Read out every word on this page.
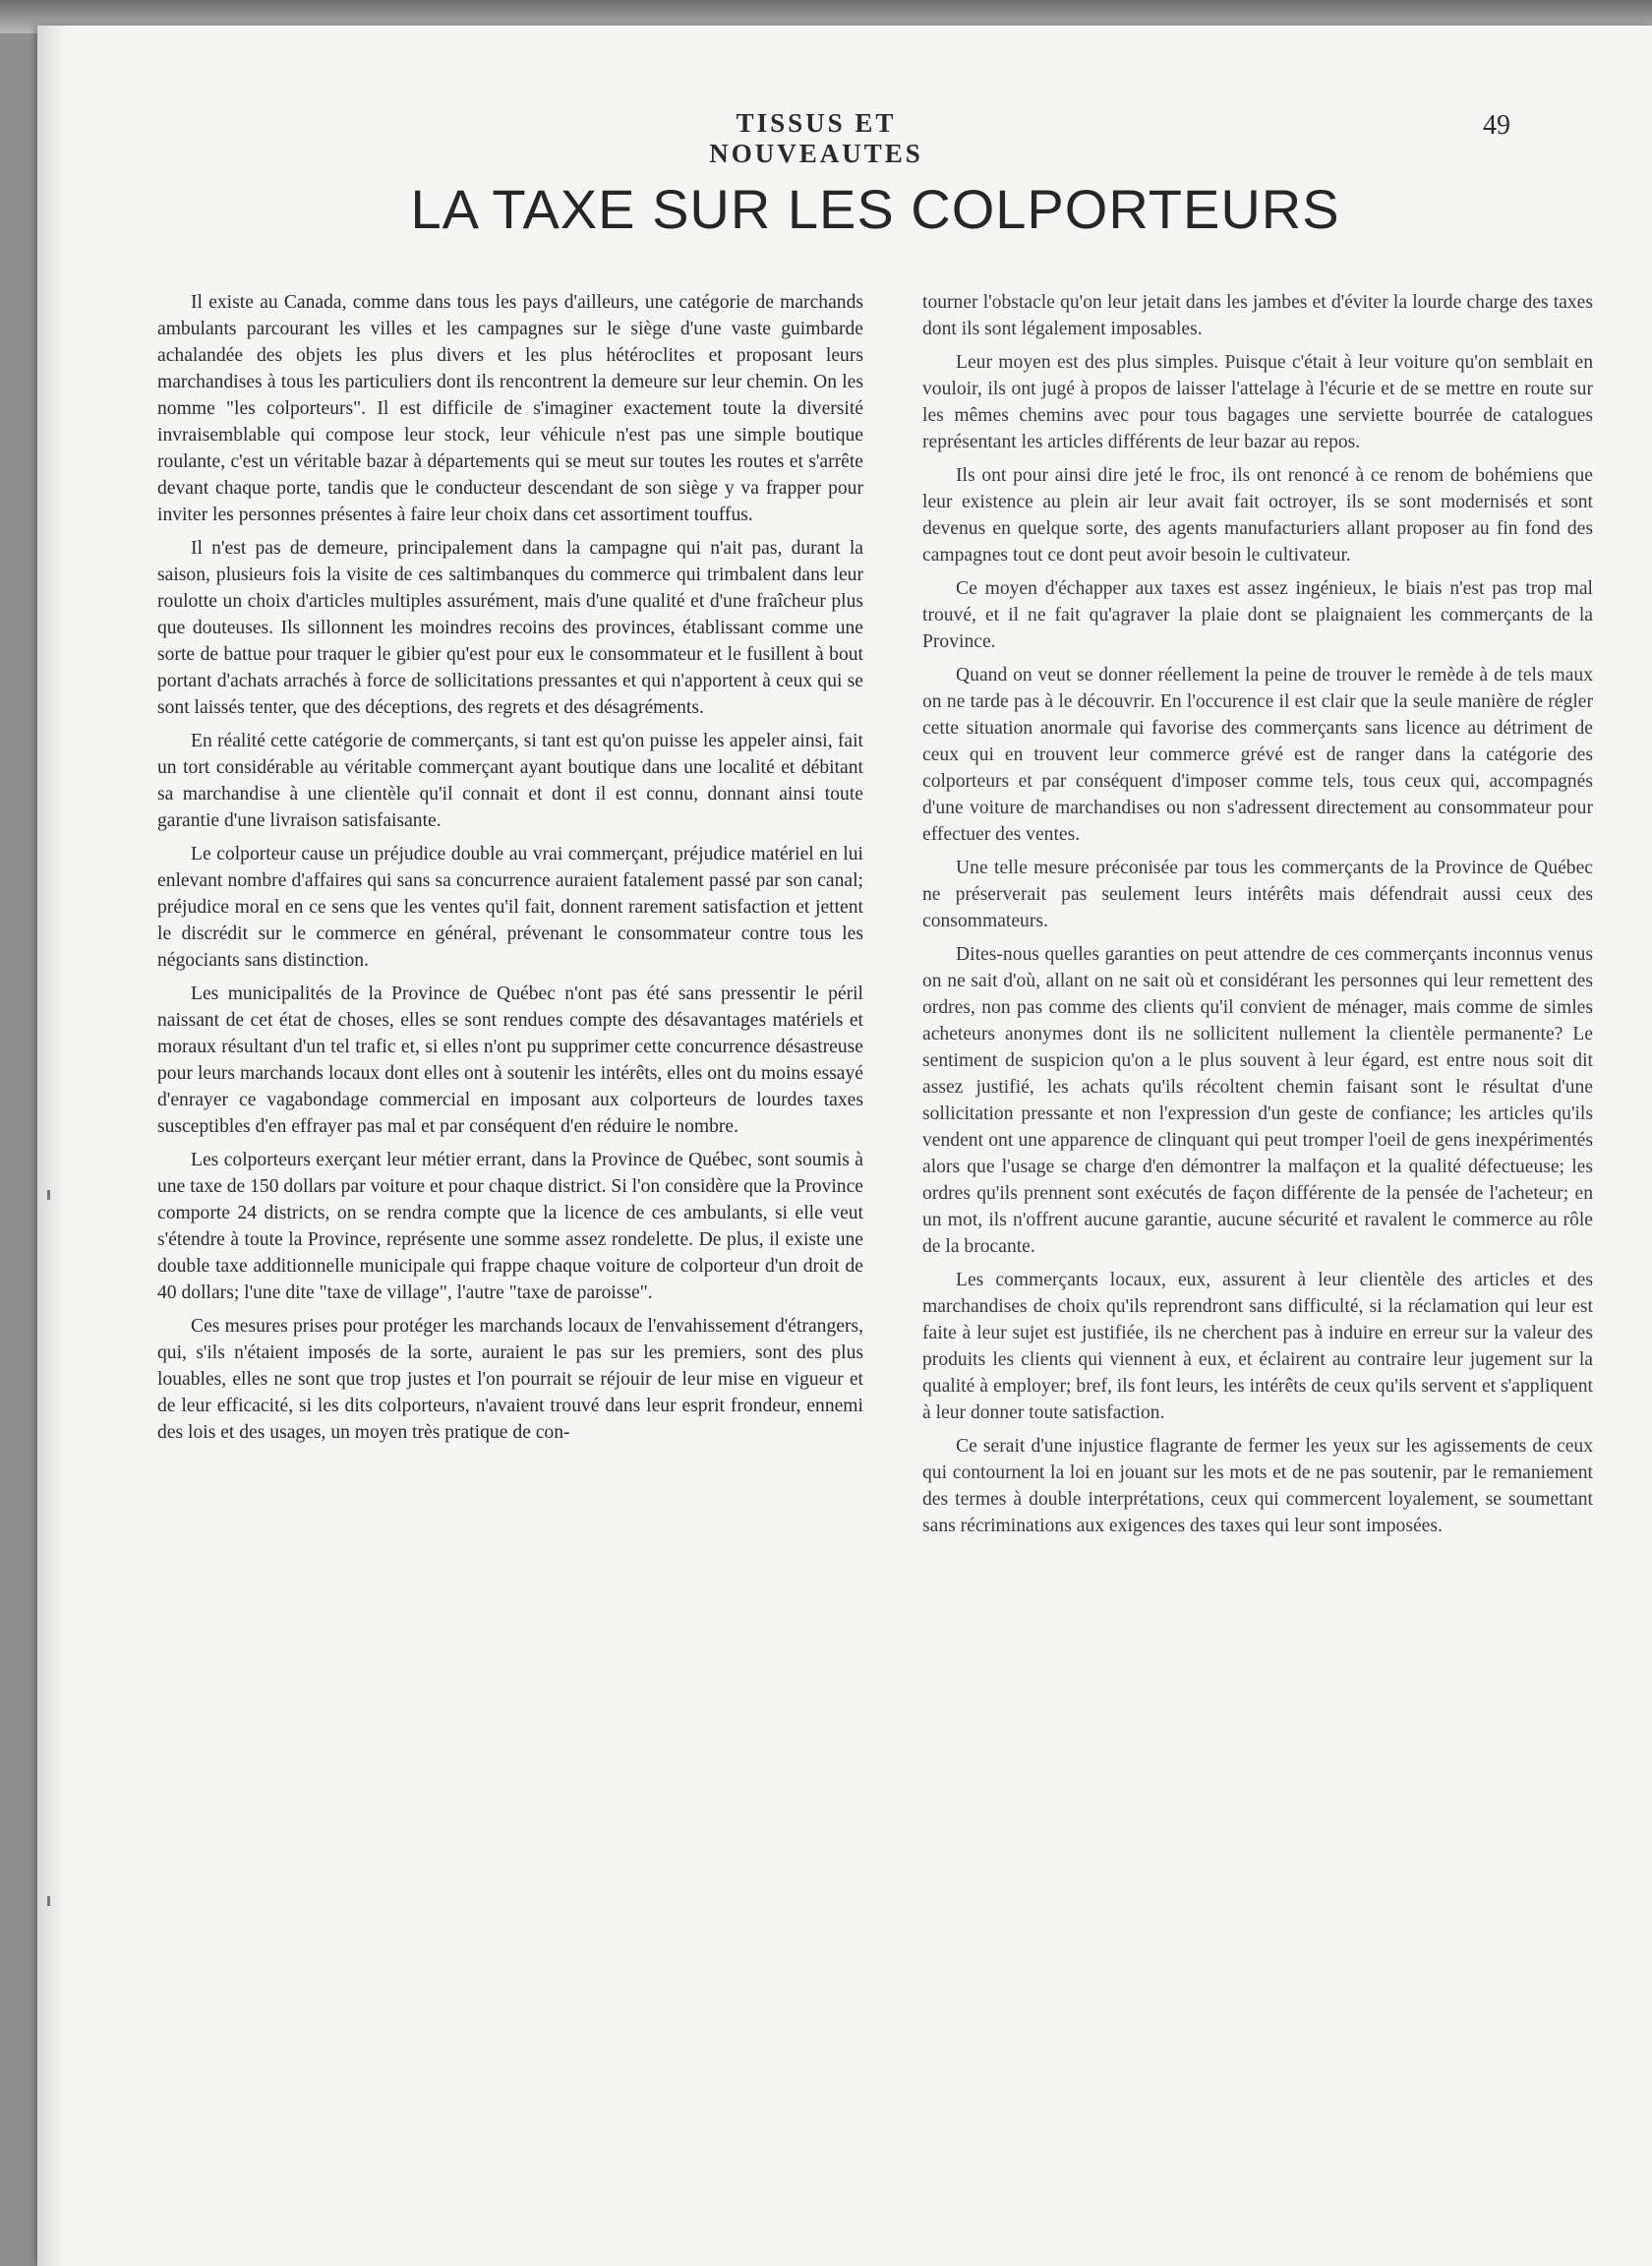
TISSUS ET NOUVEAUTES
49
LA TAXE SUR LES COLPORTEURS

Il existe au Canada, comme dans tous les pays d'ailleurs, une catégorie de marchands ambulants parcourant les villes et les campagnes sur le siège d'une vaste guimbarde achalandée des objets les plus divers et les plus hétéroclites et proposant leurs marchandises à tous les particuliers dont ils rencontrent la demeure sur leur chemin. On les nomme "les colporteurs". Il est difficile de s'imaginer exactement toute la diversité invraisemblable qui compose leur stock, leur véhicule n'est pas une simple boutique roulante, c'est un véritable bazar à départements qui se meut sur toutes les routes et s'arrête devant chaque porte, tandis que le conducteur descendant de son siège y va frapper pour inviter les personnes présentes à faire leur choix dans cet assortiment touffus.

Il n'est pas de demeure, principalement dans la campagne qui n'ait pas, durant la saison, plusieurs fois la visite de ces saltimbanques du commerce qui trimbalent dans leur roulotte un choix d'articles multiples assurément, mais d'une qualité et d'une fraîcheur plus que douteuses. Ils sillonnent les moindres recoins des provinces, établissant comme une sorte de battue pour traquer le gibier qu'est pour eux le consommateur et le fusillent à bout portant d'achats arrachés à force de sollicitations pressantes et qui n'apportent à ceux qui se sont laissés tenter, que des déceptions, des regrets et des désagréments.

En réalité cette catégorie de commerçants, si tant est qu'on puisse les appeler ainsi, fait un tort considérable au véritable commerçant ayant boutique dans une localité et débitant sa marchandise à une clientèle qu'il connait et dont il est connu, donnant ainsi toute garantie d'une livraison satisfaisante.

Le colporteur cause un préjudice double au vrai commerçant, préjudice matériel en lui enlevant nombre d'affaires qui sans sa concurrence auraient fatalement passé par son canal; préjudice moral en ce sens que les ventes qu'il fait, donnent rarement satisfaction et jettent le discrédit sur le commerce en général, prévenant le consommateur contre tous les négociants sans distinction.

Les municipalités de la Province de Québec n'ont pas été sans pressentir le péril naissant de cet état de choses, elles se sont rendues compte des désavantages matériels et moraux résultant d'un tel trafic et, si elles n'ont pu supprimer cette concurrence désastreuse pour leurs marchands locaux dont elles ont à soutenir les intérêts, elles ont du moins essayé d'enrayer ce vagabondage commercial en imposant aux colporteurs de lourdes taxes susceptibles d'en effrayer pas mal et par conséquent d'en réduire le nombre.

Les colporteurs exerçant leur métier errant, dans la Province de Québec, sont soumis à une taxe de 150 dollars par voiture et pour chaque district. Si l'on considère que la Province comporte 24 districts, on se rendra compte que la licence de ces ambulants, si elle veut s'étendre à toute la Province, représente une somme assez rondelette. De plus, il existe une double taxe additionnelle municipale qui frappe chaque voiture de colporteur d'un droit de 40 dollars; l'une dite "taxe de village", l'autre "taxe de paroisse".

Ces mesures prises pour protéger les marchands locaux de l'envahissement d'étrangers, qui, s'ils n'étaient imposés de la sorte, auraient le pas sur les premiers, sont des plus louables, elles ne sont que trop justes et l'on pourrait se réjouir de leur mise en vigueur et de leur efficacité, si les dits colporteurs, n'avaient trouvé dans leur esprit frondeur, ennemi des lois et des usages, un moyen très pratique de con-

tourner l'obstacle qu'on leur jetait dans les jambes et d'éviter la lourde charge des taxes dont ils sont légalement imposables.

Leur moyen est des plus simples. Puisque c'était à leur voiture qu'on semblait en vouloir, ils ont jugé à propos de laisser l'attelage à l'écurie et de se mettre en route sur les mêmes chemins avec pour tous bagages une serviette bourrée de catalogues représentant les articles différents de leur bazar au repos.

Ils ont pour ainsi dire jeté le froc, ils ont renoncé à ce renom de bohémiens que leur existence au plein air leur avait fait octroyer, ils se sont modernisés et sont devenus en quelque sorte, des agents manufacturiers allant proposer au fin fond des campagnes tout ce dont peut avoir besoin le cultivateur.

Ce moyen d'échapper aux taxes est assez ingénieux, le biais n'est pas trop mal trouvé, et il ne fait qu'agraver la plaie dont se plaignaient les commerçants de la Province.

Quand on veut se donner réellement la peine de trouver le remède à de tels maux on ne tarde pas à le découvrir. En l'occurence il est clair que la seule manière de régler cette situation anormale qui favorise des commerçants sans licence au détriment de ceux qui en trouvent leur commerce grévé est de ranger dans la catégorie des colporteurs et par conséquent d'imposer comme tels, tous ceux qui, accompagnés d'une voiture de marchandises ou non s'adressent directement au consommateur pour effectuer des ventes.

Une telle mesure préconisée par tous les commerçants de la Province de Québec ne préserverait pas seulement leurs intérêts mais défendrait aussi ceux des consommateurs.

Dites-nous quelles garanties on peut attendre de ces commerçants inconnus venus on ne sait d'où, allant on ne sait où et considérant les personnes qui leur remettent des ordres, non pas comme des clients qu'il convient de ménager, mais comme de simles acheteurs anonymes dont ils ne sollicitent nullement la clientèle permanente? Le sentiment de suspicion qu'on a le plus souvent à leur égard, est entre nous soit dit assez justifié, les achats qu'ils récoltent chemin faisant sont le résultat d'une sollicitation pressante et non l'expression d'un geste de confiance; les articles qu'ils vendent ont une apparence de clinquant qui peut tromper l'oeil de gens inexpérimentés alors que l'usage se charge d'en démontrer la malfaçon et la qualité défectueuse; les ordres qu'ils prennent sont exécutés de façon différente de la pensée de l'acheteur; en un mot, ils n'offrent aucune garantie, aucune sécurité et ravalent le commerce au rôle de la brocante.

Les commerçants locaux, eux, assurent à leur clientèle des articles et des marchandises de choix qu'ils reprendront sans difficulté, si la réclamation qui leur est faite à leur sujet est justifiée, ils ne cherchent pas à induire en erreur sur la valeur des produits les clients qui viennent à eux, et éclairent au contraire leur jugement sur la qualité à employer; bref, ils font leurs, les intérêts de ceux qu'ils servent et s'appliquent à leur donner toute satisfaction.

Ce serait d'une injustice flagrante de fermer les yeux sur les agissements de ceux qui contournent la loi en jouant sur les mots et de ne pas soutenir, par le remaniement des termes à double interprétations, ceux qui commercent loyalement, se soumettant sans récriminations aux exigences des taxes qui leur sont imposées.
